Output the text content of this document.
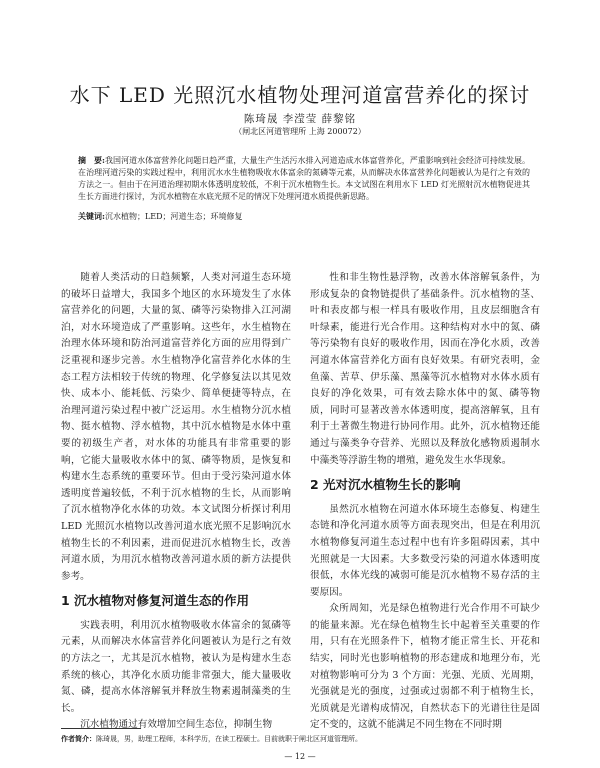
水下 LED 光照沉水植物处理河道富营养化的探讨
陈琦晟 李滢莹 薛黎铭
（闸北区河道管理所 上海 200072）
摘　要:我国河道水体富营养化问题日趋严重，大量生产生活污水排入河道造成水体富营养化，严重影响到社会经济可持续发展。在治理河道污染的实践过程中，利用沉水水生植物吸收水体富余的氮磷等元素，从而解决水体富营养化问题被认为是行之有效的方法之一。但由于在河道治理初期水体透明度较低，不利于沉水植物生长。本文试图在利用水下 LED 灯光照射沉水植物促进其生长方面进行探讨，为沉水植物在水底光照不足的情况下处理河道水质提供新思路。
关键词:沉水植物；LED；河道生态；环境修复

随着人类活动的日趋频繁，人类对河道生态环境的破坏日益增大，我国多个地区的水环境发生了水体富营养化的问题，大量的氮、磷等污染物排入江河湖泊，对水环境造成了严重影响。这些年，水生植物在治理水体环境和防治河道富营养化方面的应用得到广泛重视和逐步完善。水生植物净化富营养化水体的生态工程方法相较于传统的物理、化学修复法以其见效快、成本小、能耗低、污染少、简单便捷等特点，在治理河道污染过程中被广泛运用。水生植物分沉水植物、挺水植物、浮水植物，其中沉水植物是水体中重要的初级生产者，对水体的功能具有非常重要的影响，它能大量吸收水体中的氮、磷等物质，是恢复和构建水生态系统的重要环节。但由于受污染河道水体透明度普遍较低，不利于沉水植物的生长，从而影响了沉水植物净化水体的功效。本文试图分析探讨利用 LED 光照沉水植物以改善河道水底光照不足影响沉水植物生长的不利因素，进而促进沉水植物生长，改善河道水质，为用沉水植物改善河道水质的新方法提供参考。

1 沉水植物对修复河道生态的作用

实践表明，利用沉水植物吸收水体富余的氮磷等元素，从而解决水体富营养化问题被认为是行之有效的方法之一，尤其是沉水植物，被认为是构建水生态系统的核心，其净化水质功能非常强大，能大量吸收氮、磷，提高水体溶解氧并释放生物素遏制藻类的生长。

沉水植物通过有效增加空间生态位，抑制生物

性和非生物性悬浮物，改善水体溶解氧条件，为形成复杂的食物链提供了基础条件。沉水植物的茎、叶和表皮都与根一样具有吸收作用，且皮层细胞含有叶绿素，能进行光合作用。这种结构对水中的氮、磷等污染物有良好的吸收作用，因而在净化水质，改善河道水体富营养化方面有良好效果。有研究表明，金鱼藻、苦草、伊乐藻、黑藻等沉水植物对水体水质有良好的净化效果，可有效去除水体中的氮、磷等物质，同时可显著改善水体透明度，提高溶解氧，且有利于土著微生物进行协同作用。此外，沉水植物还能通过与藻类争夺营养、光照以及释放化感物质遏制水中藻类等浮游生物的增殖，避免发生水华现象。

2 光对沉水植物生长的影响

虽然沉水植物在河道水体环境生态修复、构建生态链和净化河道水质等方面表现突出，但是在利用沉水植物修复河道生态过程中也有许多阻碍因素，其中光照就是一大因素。大多数受污染的河道水体透明度很低，水体光线的减弱可能是沉水植物不易存活的主要原因。

众所周知，光是绿色植物进行光合作用不可缺少的能量来源。光在绿色植物生长中起着至关重要的作用，只有在光照条件下，植物才能正常生长、开花和结实，同时光也影响植物的形态建成和地理分布，光对植物影响可分为 3 个方面：光强、光质、光周期，光强就是光的强度，过强或过弱都不利于植物生长，光质就是光谱构成情况，自然状态下的光谱往往是固定不变的，这就不能满足不同生物在不同时期

作者简介：陈琦晟，男，助理工程师，本科学历，在读工程硕士。目前就职于闸北区河道管理所。
— 12 —
